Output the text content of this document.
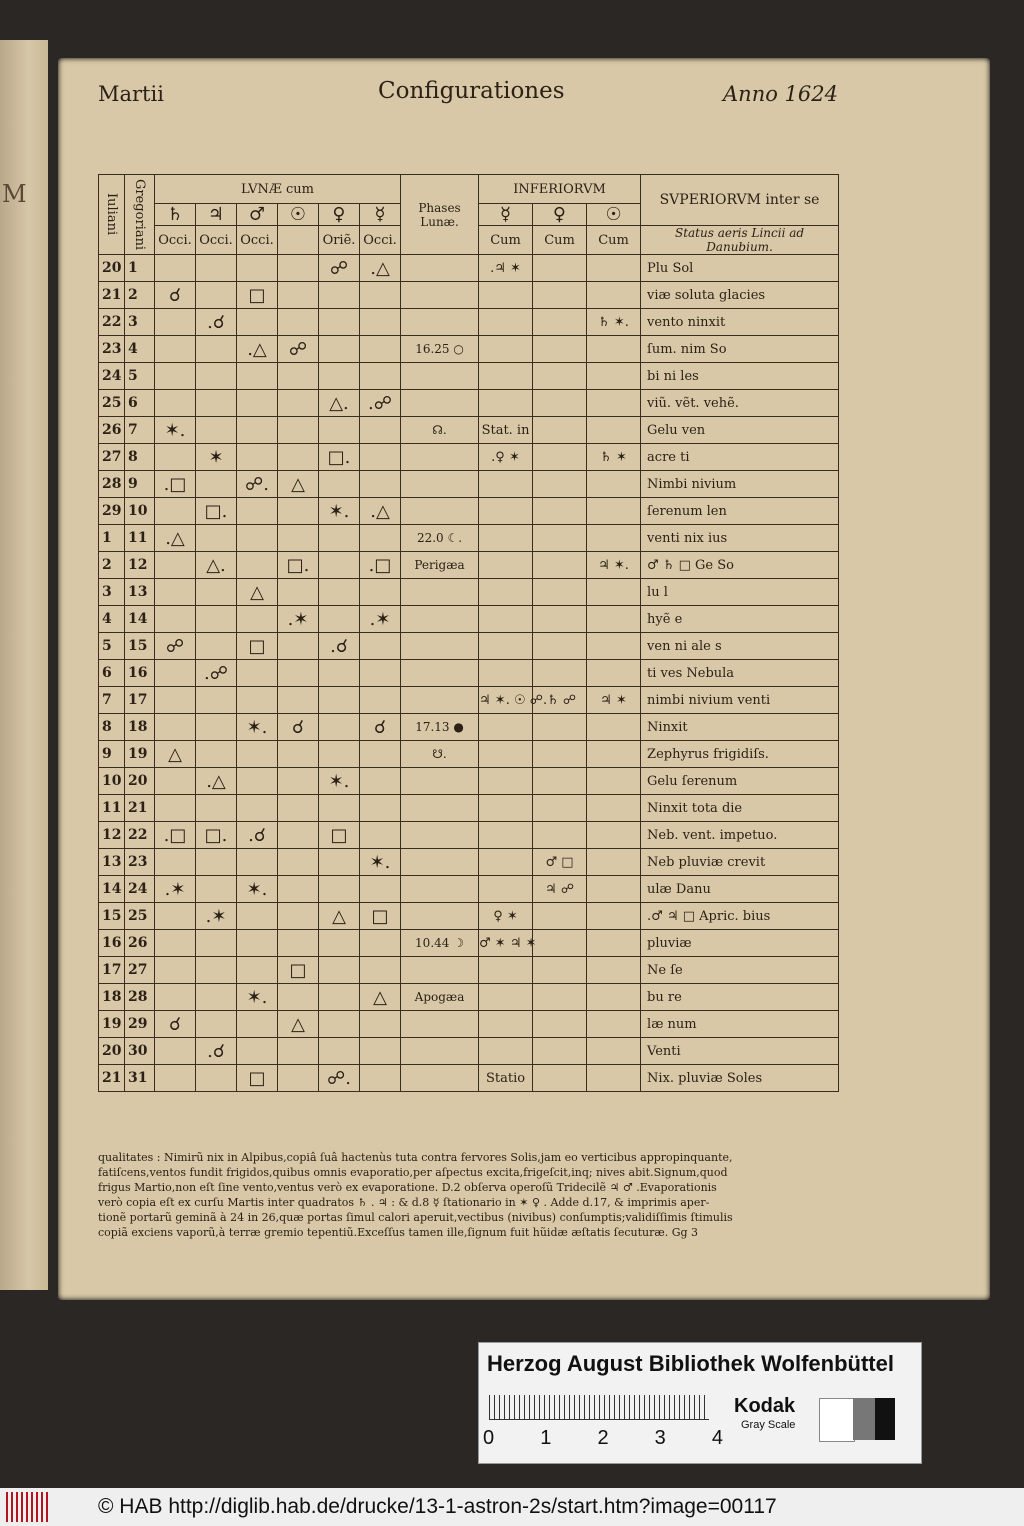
M
Martii	Configurationes	Anno 1624
Iuliani	Gregoriani	LVNÆ cum						Phases Lunæ.	INFERIORVM			SVPERIORVM inter se
		♄	♃	♂	☉	♀	☿		☿	♀	☉	
		Occi.	Occi.	Occi.		Oriẽ.	Occi.		Cum	Cum	Cum	Status aeris Lincii ad Danubium.
20	1					☍	.△		.♃ ✶			Plu Sol
21	2	☌		□								viæ soluta glacies
22	3		.☌								♄ ✶.	vento ninxit
23	4			.△	☍			16.25 ○				ſum. nim So
24	5											bi ni les
25	6					△.	.☍					viũ. vẽt. vehẽ.
26	7	✶.						☊.	Stat. in			Gelu ven
27	8		✶			□.			.♀ ✶		♄ ✶	acre ti
28	9	.□		☍.	△							Nimbi nivium
29	10		□.			✶.	.△					ſerenum len
1	11	.△						22.0 ☾.				venti nix ius
2	12		△.		□.		.□	Perigæa			♃ ✶.	♂ ♄ □ Ge So
3	13			△								lu l
4	14				.✶		.✶					hyẽ e
5	15	☍		□		.☌						ven ni ale s
6	16		.☍									ti ves Nebula
7	17								♃ ✶. ☉ ☍	.♄ ☍	♃ ✶	nimbi nivium venti
8	18			✶.	☌		☌	17.13 ●				Ninxit
9	19	△						☋.				Zephyrus frigidiſs.
10	20		.△			✶.						Gelu ſerenum
11	21											Ninxit tota die
12	22	.□	□.	.☌		□						Neb. vent. impetuo.
13	23						✶.			♂ □		Neb pluviæ crevit
14	24	.✶		✶.						♃ ☍		ulæ Danu
15	25		.✶			△	□		♀ ✶			.♂ ♃ □ Apric. bius
16	26							10.44 ☽	♂ ✶ ♃ ✶			pluviæ
17	27				□							Ne ſe
18	28			✶.			△	Apogæa				bu re
19	29	☌			△							læ num
20	30		.☌									Venti
21	31			□		☍.			Statio			Nix. pluviæ Soles

qualitates : Nimirũ nix in Alpibus,copiâ ſuâ hactenùs tuta contra fervores Solis,jam eo verticibus appropinquante,

fatiſcens,ventos fundit frigidos,quibus omnis evaporatio,per aſpectus excita,frigeſcit,inq; nives abit.Signum,quod

frigus Martio,non eſt ſine vento,ventus verò ex evaporatione. D.2 obſerva operoſũ Tridecilẽ ♃ ♂ .Evaporationis

verò copia eſt ex curſu Martis inter quadratos ♄ . ♃ : & d.8 ☿ ſtationario in ✶ ♀ . Adde d.17, & imprimis aper-

tionẽ portarũ geminã à 24 in 26,quæ portas ſimul calori aperuit,vectibus (nivibus) conſumptis;validiſſimis ſtimulis

copiã exciens vaporũ,à terræ gremio tepentiũ.Exceſſus tamen ille,ſignum fuit hũidæ æſtatis ſecuturæ. Gg 3

Herzog August Bibliothek Wolfenbüttel
0 1 2 3 4
Kodak
Gray Scale
© HAB http://diglib.hab.de/drucke/13-1-astron-2s/start.htm?image=00117
